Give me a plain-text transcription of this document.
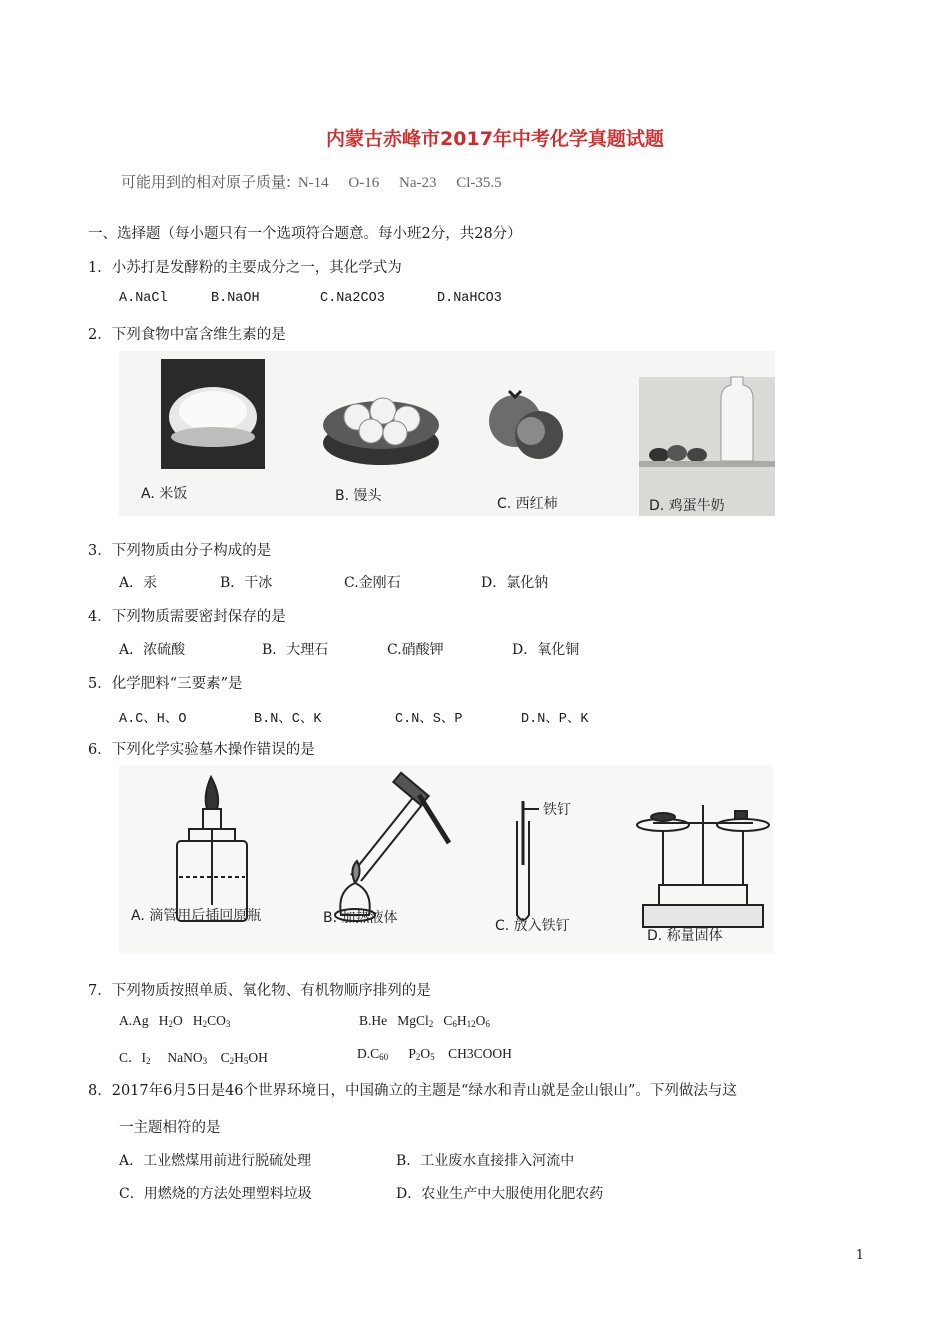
内蒙古赤峰市2017年中考化学真题试题
可能用到的相对原子质量: N-14 O-16 Na-23 Cl-35.5
一、选择题（每小题只有一个选项符合题意。每小班2分，共28分）
1．小苏打是发酵粉的主要成分之一，其化学式为
A.NaCl	B.NaOH	C.Na2CO3	D.NaHCO3
2．下列食物中富含维生素的是
A. 米饭	B. 馒头	C. 西红柿	D. 鸡蛋牛奶
3．下列物质由分子构成的是
A．汞	B．干冰	C.金刚石	D．氯化钠
4．下列物质需要密封保存的是
A．浓硫酸	B．大理石	C.硝酸钾	D．氧化铜
5．化学肥料“三要素”是
A.C、H、O	B.N、C、K	C.N、S、P	D.N、P、K
6．下列化学实验墓木操作错误的是
铁钉
A. 滴管用后插回原瓶	B. 加热液体	C. 放入铁钉
D. 称量固体
7．下列物质按照单质、氧化物、有机物顺序排列的是
A.Ag $H_2O$ $H_2CO_3$	B.He MgCl$_2$ $C_6H_{12}O_6$
C．$I_2$ NaNO$_3$ $C_2H_5OH$	$D.C_{60}$ $P_2O_5$ CH3COOH
8．2017年6月5日是46个世界环境日，中国确立的主题是“绿水和青山就是金山银山”。下列做法与这
一主题相符的是
A．工业燃煤用前进行脱硫处理	B．工业废水直接排入河流中
C．用燃烧的方法处理塑料垃圾	D．农业生产中大服使用化肥农药
1
